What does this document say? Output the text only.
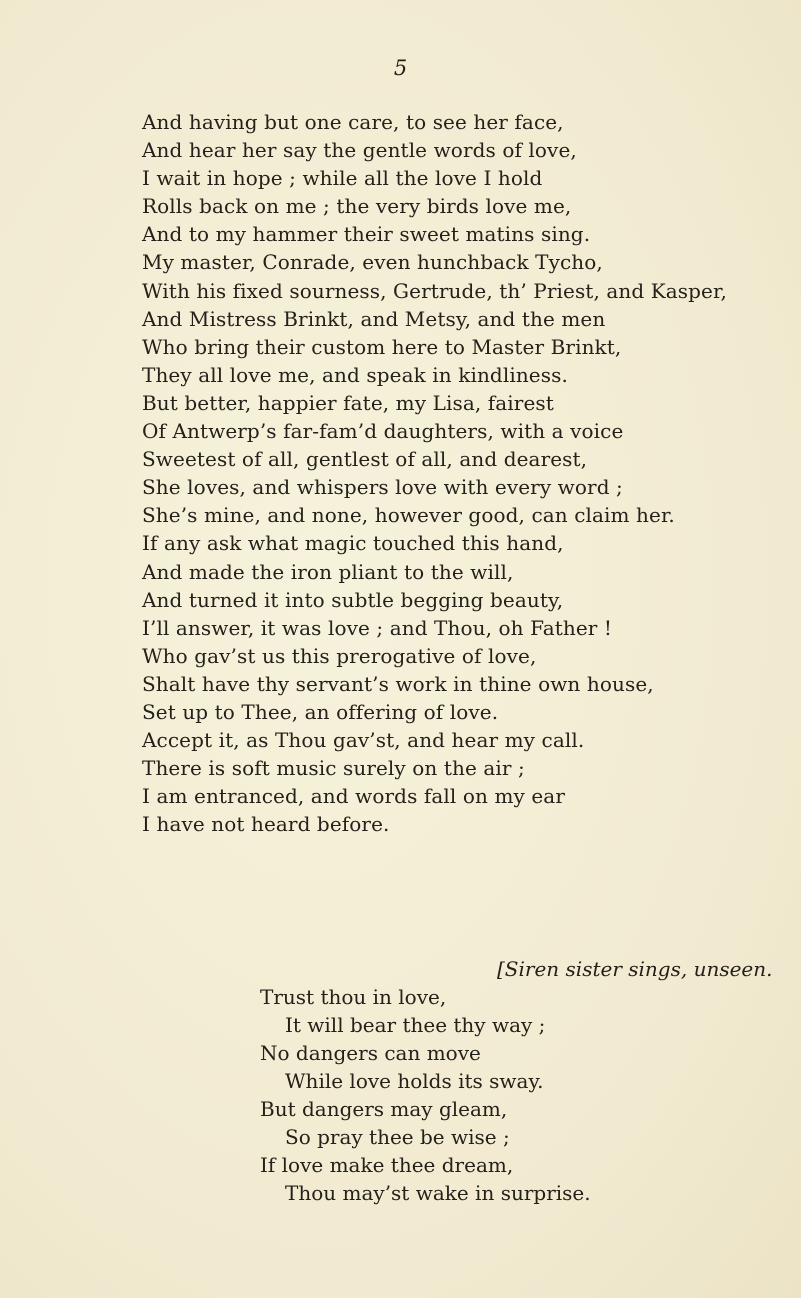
5
And having but one care, to see her face,
And hear her say the gentle words of love,
I wait in hope ; while all the love I hold
Rolls back on me ; the very birds love me,
And to my hammer their sweet matins sing.
My master, Conrade, even hunchback Tycho,
With his fixed sourness, Gertrude, th’ Priest, and Kasper,
And Mistress Brinkt, and Metsy, and the men
Who bring their custom here to Master Brinkt,
They all love me, and speak in kindliness.
But better, happier fate, my Lisa, fairest
Of Antwerp’s far-fam’d daughters, with a voice
Sweetest of all, gentlest of all, and dearest,
She loves, and whispers love with every word ;
She’s mine, and none, however good, can claim her.
If any ask what magic touched this hand,
And made the iron pliant to the will,
And turned it into subtle begging beauty,
I’ll answer, it was love ; and Thou, oh Father !
Who gav’st us this prerogative of love,
Shalt have thy servant’s work in thine own house,
Set up to Thee, an offering of love.
Accept it, as Thou gav’st, and hear my call.
There is soft music surely on the air ;
I am entranced, and words fall on my ear
I have not heard before.
[Siren sister sings, unseen.
Trust thou in love,
It will bear thee thy way ;
No dangers can move
While love holds its sway.
But dangers may gleam,
So pray thee be wise ;
If love make thee dream,
Thou may’st wake in surprise.
